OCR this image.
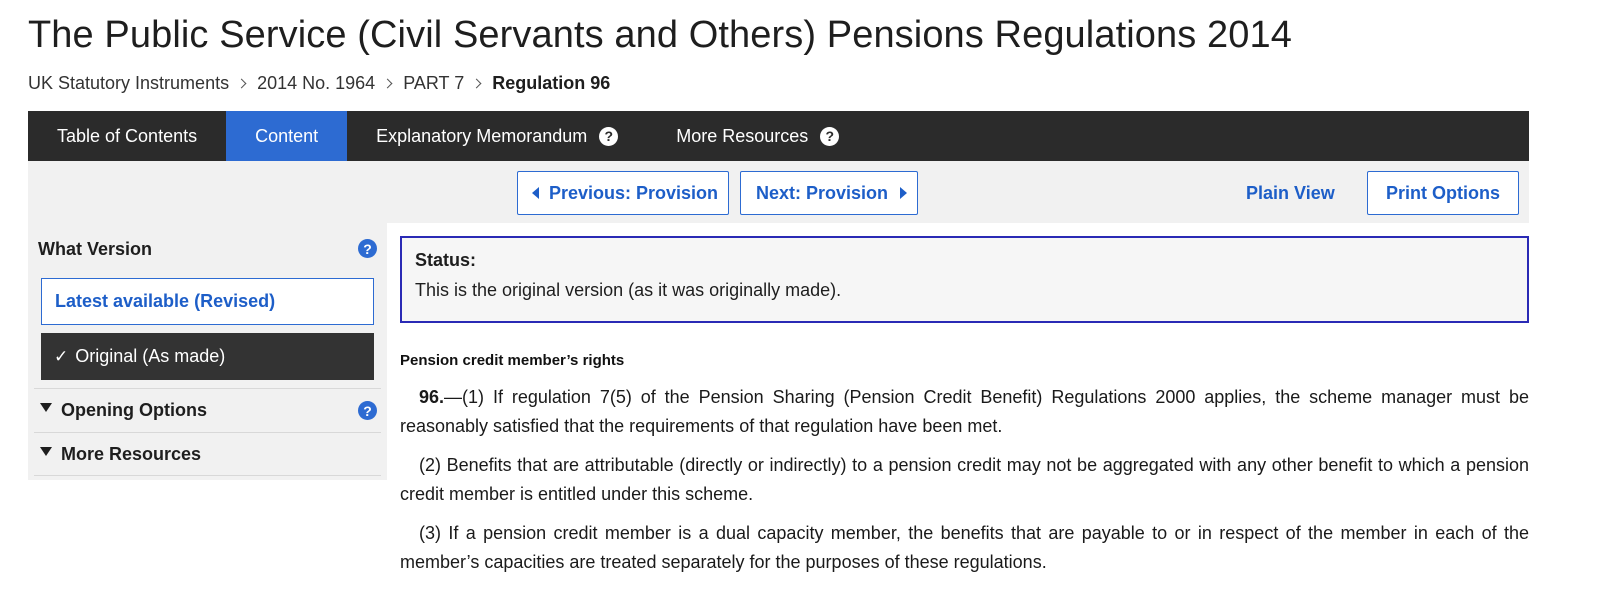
The Public Service (Civil Servants and Others) Pensions Regulations 2014
UK Statutory Instruments 2014 No. 1964 PART 7 Regulation 96
Table of Contents	Content	Explanatory Memorandum	?	More Resources	?
Previous: Provision Next: Provision	Plain View	Print Options
What Version	?
Latest available (Revised)
✓ Original (As made)
Opening Options	?
More Resources
Status:
This is the original version (as it was originally made).
Pension credit member’s rights

96.—(1) If regulation 7(5) of the Pension Sharing (Pension Credit Benefit) Regulations 2000 applies, the scheme manager must be reasonably satisfied that the requirements of that regulation have been met.

(2) Benefits that are attributable (directly or indirectly) to a pension credit may not be aggregated with any other benefit to which a pension credit member is entitled under this scheme.

(3) If a pension credit member is a dual capacity member, the benefits that are payable to or in respect of the member in each of the member’s capacities are treated separately for the purposes of these regulations.
